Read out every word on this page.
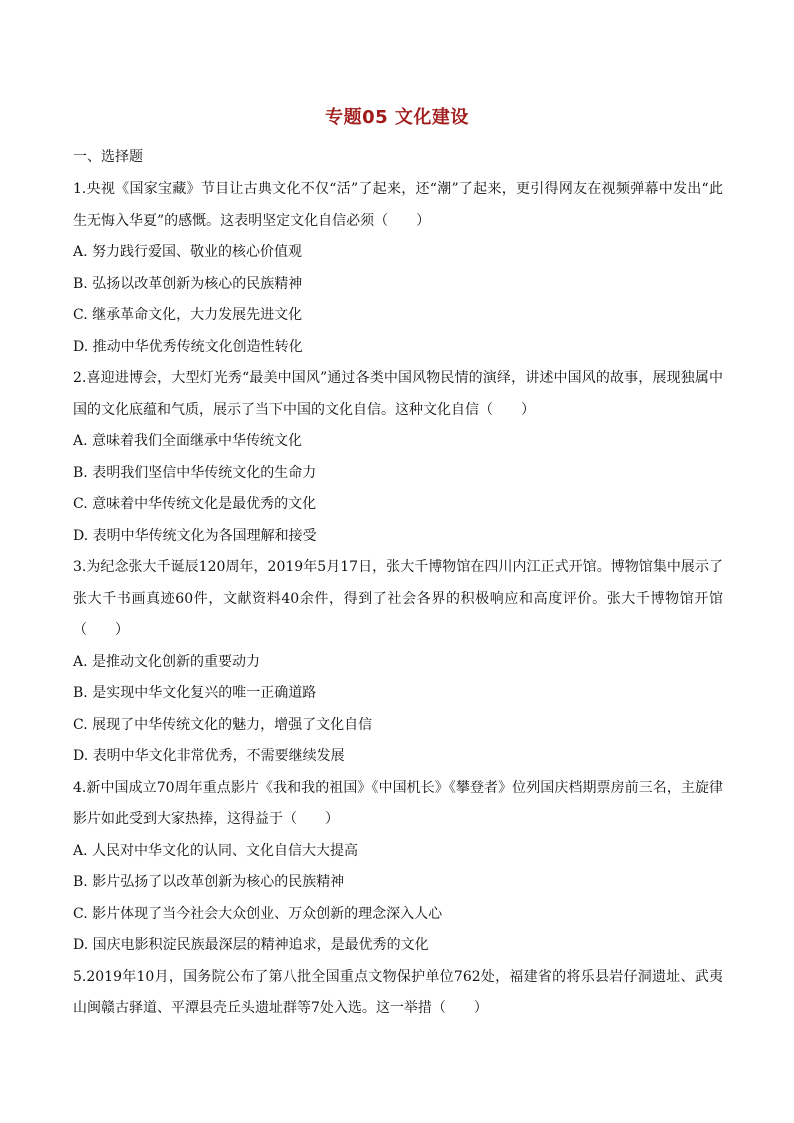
专题05 文化建设
一、选择题

1.央视《国家宝藏》节目让古典文化不仅“活”了起来，还“潮”了起来，更引得网友在视频弹幕中发出“此生无悔入华夏”的感慨。这表明坚定文化自信必须（　　）

A. 努力践行爱国、敬业的核心价值观

B. 弘扬以改革创新为核心的民族精神

C. 继承革命文化，大力发展先进文化

D. 推动中华优秀传统文化创造性转化

2.喜迎进博会，大型灯光秀“最美中国风”通过各类中国风物民情的演绎，讲述中国风的故事，展现独属中国的文化底蕴和气质，展示了当下中国的文化自信。这种文化自信（　　）

A. 意味着我们全面继承中华传统文化

B. 表明我们坚信中华传统文化的生命力

C. 意味着中华传统文化是最优秀的文化

D. 表明中华传统文化为各国理解和接受

3.为纪念张大千诞辰120周年，2019年5月17日，张大千博物馆在四川内江正式开馆。博物馆集中展示了张大千书画真迹60件，文献资料40余件，得到了社会各界的积极响应和高度评价。张大千博物馆开馆（　　）

A. 是推动文化创新的重要动力

B. 是实现中华文化复兴的唯一正确道路

C. 展现了中华传统文化的魅力，增强了文化自信

D. 表明中华文化非常优秀，不需要继续发展

4.新中国成立70周年重点影片《我和我的祖国》《中国机长》《攀登者》位列国庆档期票房前三名，主旋律影片如此受到大家热捧，这得益于（　　）

A. 人民对中华文化的认同、文化自信大大提高

B. 影片弘扬了以改革创新为核心的民族精神

C. 影片体现了当今社会大众创业、万众创新的理念深入人心

D. 国庆电影积淀民族最深层的精神追求，是最优秀的文化

5.2019年10月，国务院公布了第八批全国重点文物保护单位762处，福建省的将乐县岩仔洞遗址、武夷山闽赣古驿道、平潭县壳丘头遗址群等7处入选。这一举措（　　）
